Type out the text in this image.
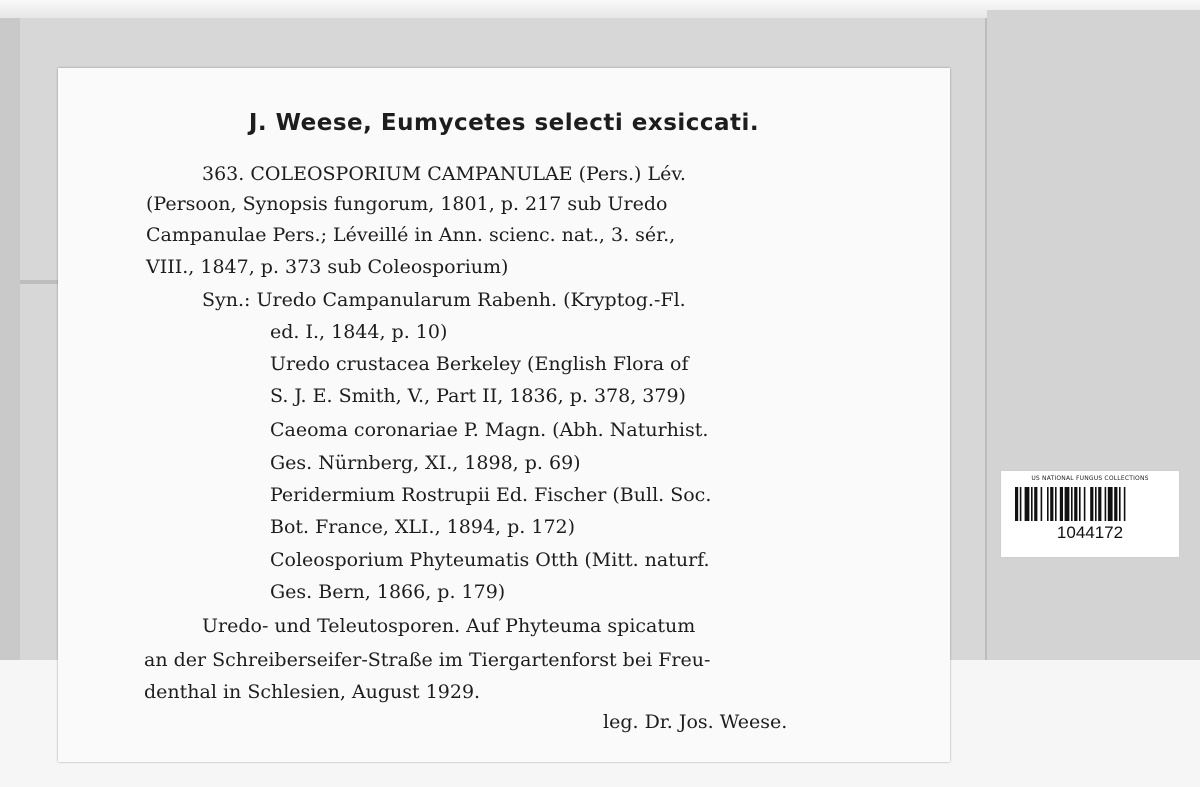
J. Weese, Eumycetes selecti exsiccati.
363. COLEOSPORIUM CAMPANULAE (Pers.) Lév.
(Persoon, Synopsis fungorum, 1801, p. 217 sub Uredo
Campanulae Pers.; Léveillé in Ann. scienc. nat., 3. sér.,
VIII., 1847, p. 373 sub Coleosporium)
Syn.: Uredo Campanularum Rabenh. (Kryptog.-Fl.
ed. I., 1844, p. 10)
Uredo crustacea Berkeley (English Flora of
S. J. E. Smith, V., Part II, 1836, p. 378, 379)
Caeoma coronariae P. Magn. (Abh. Naturhist.
Ges. Nürnberg, XI., 1898, p. 69)
Peridermium Rostrupii Ed. Fischer (Bull. Soc.
Bot. France, XLI., 1894, p. 172)
Coleosporium Phyteumatis Otth (Mitt. naturf.
Ges. Bern, 1866, p. 179)
Uredo- und Teleutosporen. Auf Phyteuma spicatum
an der Schreiberseifer-Straße im Tiergartenforst bei Freu-
denthal in Schlesien, August 1929.
leg. Dr. Jos. Weese.
US NATIONAL FUNGUS COLLECTIONS
1044172
